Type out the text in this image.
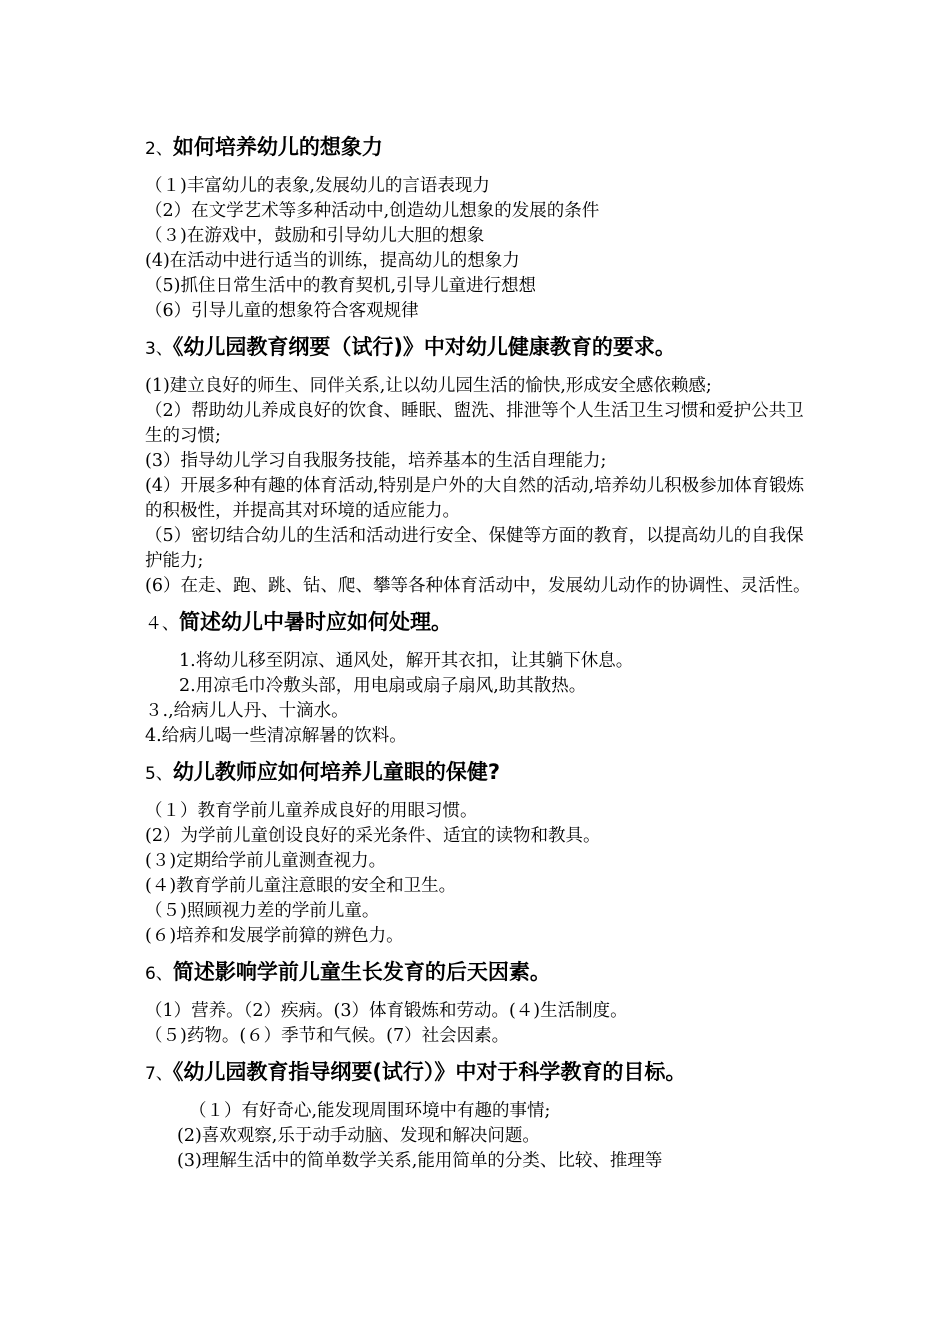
2、如何培养幼儿的想象力

（１)丰富幼儿的表象,发展幼儿的言语表现力

（2）在文学艺术等多种活动中,创造幼儿想象的发展的条件

（３)在游戏中，鼓励和引导幼儿大胆的想象

(4)在活动中进行适当的训练，提高幼儿的想象力

（5)抓住日常生活中的教育契机,引导儿童进行想想

（6）引导儿童的想象符合客观规律

3、《幼儿园教育纲要（试行)》中对幼儿健康教育的要求。

(1)建立良好的师生、同伴关系,让以幼儿园生活的愉快,形成安全感依赖感;

（2）帮助幼儿养成良好的饮食、睡眠、盥洗、排泄等个人生活卫生习惯和爱护公共卫生的习惯;

(3）指导幼儿学习自我服务技能，培养基本的生活自理能力;

(4）开展多种有趣的体育活动,特别是户外的大自然的活动,培养幼儿积极参加体育锻炼的积极性，并提高其对环境的适应能力。

（5）密切结合幼儿的生活和活动进行安全、保健等方面的教育，以提高幼儿的自我保护能力;

(6）在走、跑、跳、钻、爬、攀等各种体育活动中，发展幼儿动作的协调性、灵活性。

４、简述幼儿中暑时应如何处理。

1.将幼儿移至阴凉、通风处，解开其衣扣，让其躺下休息。

2.用凉毛巾冷敷头部，用电扇或扇子扇风,助其散热。

３.,给病儿人丹、十滴水。

4.给病儿喝一些清凉解暑的饮料。

5、幼儿教师应如何培养儿童眼的保健?

（１）教育学前儿童养成良好的用眼习惯。

(2）为学前儿童创设良好的采光条件、适宜的读物和教具。

(３)定期给学前儿童测查视力。

(４)教育学前儿童注意眼的安全和卫生。

（５)照顾视力差的学前儿童。

(６)培养和发展学前獐的辨色力。

6、简述影响学前儿童生长发育的后天因素。

（1）营养。（2）疾病。(3）体育锻炼和劳动。(４)生活制度。

（５)药物。(６）季节和气候。(7）社会因素。

7、《幼儿园教育指导纲要(试行）》中对于科学教育的目标。

（１）有好奇心,能发现周围环境中有趣的事情;

(2)喜欢观察,乐于动手动脑、发现和解决问题。

(3)理解生活中的简单数学关系,能用简单的分类、比较、推理等
